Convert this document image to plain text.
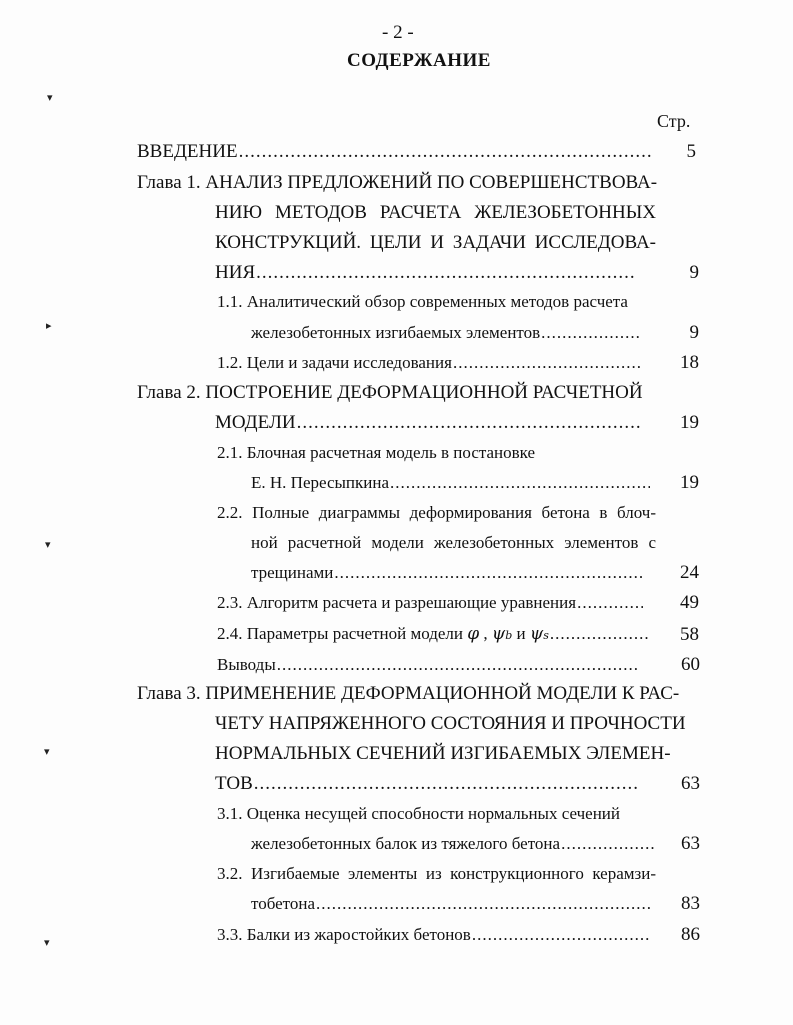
- 2 -
СОДЕРЖАНИЕ
Стр.
▾
▸
▾
▾
▾
ВВЕДЕНИЕ .....	5
Глава 1. АНАЛИЗ ПРЕДЛОЖЕНИЙ ПО СОВЕРШЕНСТВОВА-
НИЮ МЕТОДОВ РАСЧЕТА ЖЕЛЕЗОБЕТОННЫХ
КОНСТРУКЦИЙ. ЦЕЛИ И ЗАДАЧИ ИССЛЕДОВА-
НИЯ .....	9
1.1. Аналитический обзор современных методов расчета
железобетонных изгибаемых элементов .....	9
1.2. Цели и задачи исследования .....	18
Глава 2. ПОСТРОЕНИЕ ДЕФОРМАЦИОННОЙ РАСЧЕТНОЙ
МОДЕЛИ .....	19
2.1. Блочная расчетная модель в постановке
Е. Н. Пересыпкина .....	19
2.2. Полные диаграммы деформирования бетона в блоч-
ной расчетной модели железобетонных элементов с
трещинами .....	24
2.3. Алгоритм расчета и разрешающие уравнения .....	49
2.4. Параметры расчетной модели
φ , ψ b
и
ψ s .....	58
Выводы .....	60
Глава 3. ПРИМЕНЕНИЕ ДЕФОРМАЦИОННОЙ МОДЕЛИ К РАС-
ЧЕТУ НАПРЯЖЕННОГО СОСТОЯНИЯ И ПРОЧНОСТИ
НОРМАЛЬНЫХ СЕЧЕНИЙ ИЗГИБАЕМЫХ ЭЛЕМЕН-
ТОВ .....	63
3.1. Оценка несущей способности нормальных сечений
железобетонных балок из тяжелого бетона .....	63
3.2. Изгибаемые элементы из конструкционного керамзи-
тобетона .....	83
3.3. Балки из жаростойких бетонов .....	86
